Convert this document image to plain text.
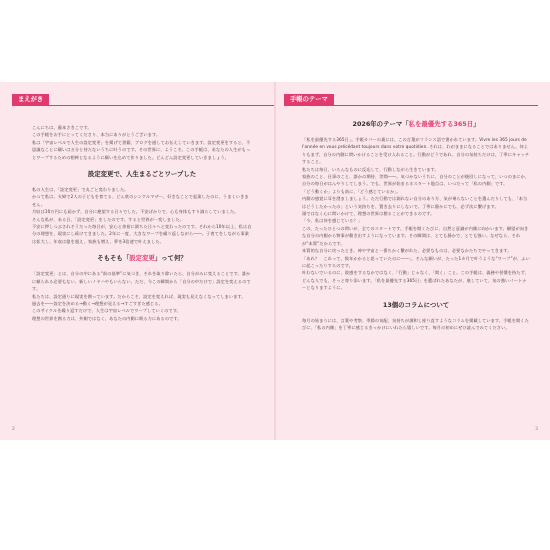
まえがき

こんにちは。藤本さきこです。

この手帳をお手にとってくださり、本当にありがとうございます。

私は「宇宙レベルで人生の設定変更」を掲げて書籍、ブログを通してお伝えしていきます。設定変更をすると、不思議なことに願いは五分と待たないうちに叶うのです。その世界に、ようこそ。この手帳は、あなたの人生がもっとワープするための相棒となるように願いを込めて作りました。どんどん設定変更していきましょう。

設定変更で、人生まるごとワープした

私の人生は、「設定変更」で丸ごと変わりました。

かつて私は、夫婦で2人の子どもを育てる、どん底のシングルマザー。好きなことで起業したのに、うまくいきません。

月収は10万円にも届かず、自分に絶望する日々でした。不安ばかりで、心も身体もすり減らしていました。

そんな私が、ある日、「設定変更」をしたのです。すると世界が一変しました。

不安に押しつぶされそうだった毎日が、安心と余裕に満ちた日々へと変わったのです。それから10年以上、私は自分の理想を、現実にし続けてきました。2年に一度、大きなワープを繰り返しながら――。子育てをしながら事業は拡大し、年収は億を超え、家族も増え、夢を3倍速で叶えました。

そもそも「設定変更」って何？

「設定変更」とは、自分の中にある“前の基準”に気づき、それを取り除いたら、自分がみに変えることです。誰かに頼られる必要もない、新しいノヤハやもいらない。ただ、今この瞬間から「自分の中だけで」設定を変えるのです。

私たちは、設定通りに現実を創っています。だからこそ、設定を変えれば、現実も見えなくなってしまいます。

過去を――設定を決める→動く→理想が見える→すごすぎた感じる。

このサイクルを繰り返すだけで、人生は宇宙レベルでワープしていくのです。

理想の世界を創る力は、外側ではなく、あなたの内側に眠る力にあるのです。

2
手帳のテーマ
2026年のテーマ「私を最優先する365日」

「私を最優先する365日」。手帳カバーの裏には、この言葉がフランス語で書かれています。Vivre les 365 jours de l'année en vous précédant toujours dans votre quotidien. それは、わがままになることではありません。何よりもまず、自分の内側に問いかけることを受け入れること。行動がどうであれ、自分の気持ちだけは、丁寧にキャッチすること。

私たちは毎日、いろんなものに反応して、行動しながら生きています。

家族のこと、仕事のこと、誰かの期待、世間――。気づかないうちに、自分のことが後回しになって、いつのまにか、自分の毎日がはんやりしてしまう。でも、世界が始まるホスタート地点は、いつだって「私の内側」です。

「どう動くか」よりも前に、「どう感じているか」。

内側の感覚に耳を澄ましましょう。ただ行動では測れない自分のあり方、気が乗らないことを選んだりしても、「本当はどうしたかったの」という気持ちを、置き去りにしないで。丁寧に静かにでも、必ず次に繋げます。

頭ではなく心に問いかけて、理想の世界は創ることができるのです。

「今、私は何を感じている？」

この、たったひとつの問いが、全てのスタートです。手帳を開くたびに、自然と意識が内側に向かいます。願望が向きな自分の内側から物事が動き出すようになっています。その瞬間は、とても静かで、とても強い。なぜなら、それが“本質”だからです。

本質的な自分に戻ったとき、神や宇宙と一番ちかく繋がれた、必要なものは、必要なかたちでやってきます。

「あれ？　これって、数年かかると思っていたのに――」。そんな願いが、たった1カ月で叶うような“ワープ”が、ふいに起こったりするのです。

叶わないでいるのに、敗感をするなかではなく、「行動」じゃなく、「間く」こと。この手帳は、義務や習慣を持たず、どんな人でも、そっと寄り添います。「私を最優先する365日」を選ばれたあなたが、進していて、気の強いパートナーとなりますように。

13個のコラムについて

毎月の始まりには、言葉や考察、季節の気配、気持ちが調和し座り直すようなコラムを掲載しています。手帳を開くたびに、「私の内側」を丁寧に感じるきっかけにいれたら嬉しいです。毎月の初めにぜひ読んでみてください。

3
